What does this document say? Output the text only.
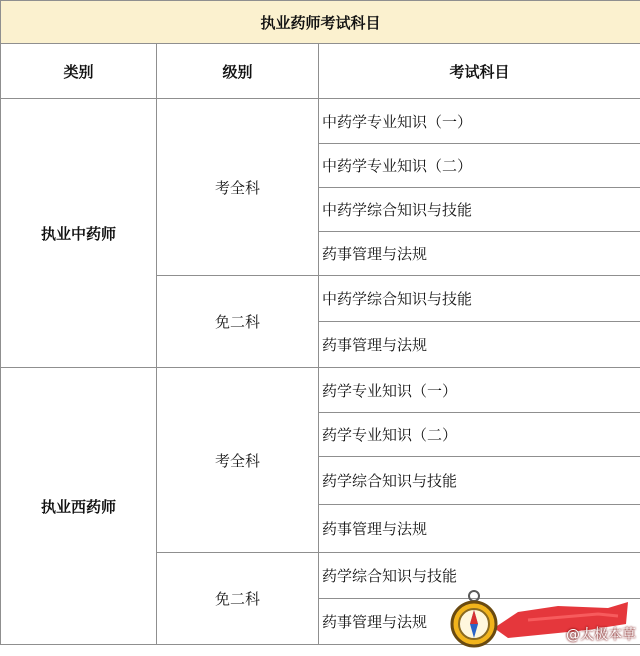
执业药师考试科目		
类别	级别	考试科目
执业中药师	考全科	中药学专业知识（一）
		中药学专业知识（二）
		中药学综合知识与技能
		药事管理与法规
	免二科	中药学综合知识与技能
		药事管理与法规
执业西药师	考全科	药学专业知识（一）
		药学专业知识（二）
		药学综合知识与技能
		药事管理与法规
	免二科	药学综合知识与技能
		药事管理与法规
@太极本草
